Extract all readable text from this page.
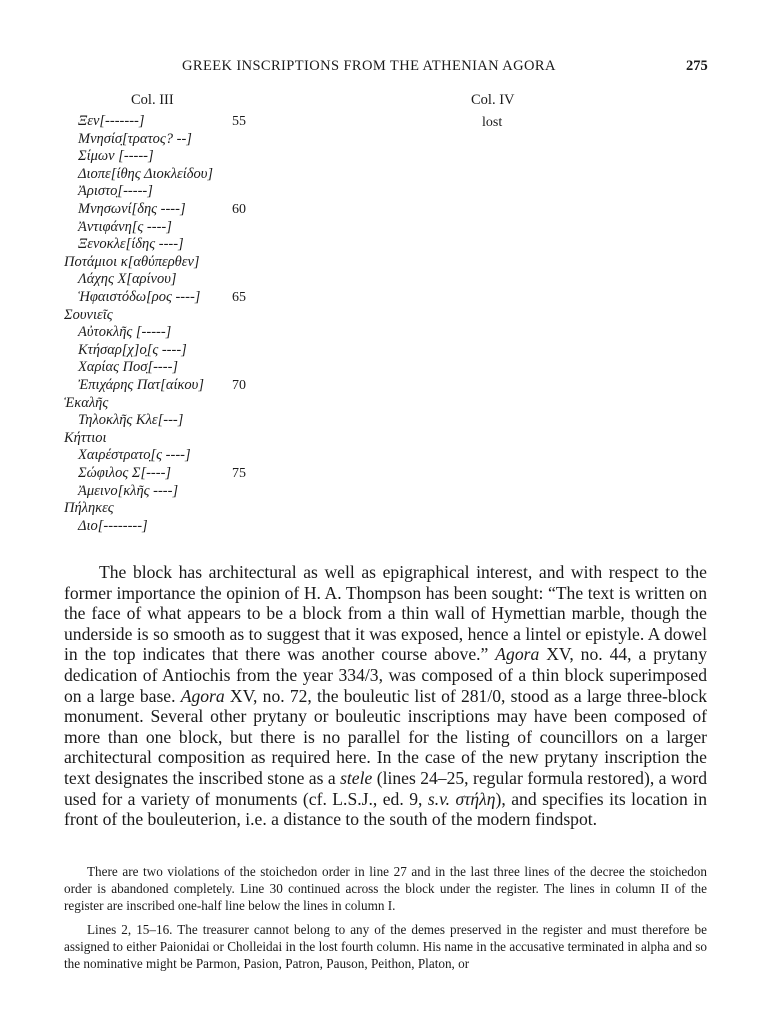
GREEK INSCRIPTIONS FROM THE ATHENIAN AGORA	275
Col. III	Col. IV
lost
Ξεν[-------]	55
Μνησίσ̣[τρατος? --]
Σίμων [-----]
Διοπε[ίθης Διοκλείδου]
Ἀριστο̣[-----]
Μνησωνί[δης ----]	60
Ἀντιφάνη[ς ----]
Ξενοκλε[ίδης ----]
Ποτάμιοι κ[αθύπερθεν]
Λάχης Χ[αρίνου]
Ἡφαιστόδω[ρος ----] 65
Σουνιεῖς
Αὐτοκλῆς [-----]
Κτήσαρ[χ]ο̣[ς ----]
Χαρίας Ποσ̣[----]
Ἐπιχάρης Πατ[αίκου] 70
Ἑκαλῆς
Τηλοκλῆς Κλε[---]
Κήττιοι
Χαιρέστρατο̣[ς ----]
Σώφιλος Σ[----]	75
Ἀμεινο[κλῆς ----]
Πήληκες
Διο[--------]

The block has architectural as well as epigraphical interest, and with respect to the former importance the opinion of H. A. Thompson has been sought: “The text is written on the face of what appears to be a block from a thin wall of Hymettian marble, though the underside is so smooth as to suggest that it was exposed, hence a lintel or epistyle. A dowel in the top indicates that there was another course above.” Agora XV, no. 44, a prytany dedication of Antiochis from the year 334/3, was composed of a thin block superimposed on a large base. Agora XV, no. 72, the bouleutic list of 281/0, stood as a large three-block monument. Several other prytany or bouleutic inscriptions may have been composed of more than one block, but there is no parallel for the listing of councillors on a larger architectural composition as required here. In the case of the new prytany inscription the text designates the inscribed stone as a stele (lines 24–25, regular formula restored), a word used for a variety of monuments (cf. L.S.J., ed. 9, s.v. στήλη), and specifies its location in front of the bouleuterion, i.e. a distance to the south of the modern findspot.

There are two violations of the stoichedon order in line 27 and in the last three lines of the decree the stoichedon order is abandoned completely. Line 30 continued across the block under the register. The lines in column II of the register are inscribed one-half line below the lines in column I.

Lines 2, 15–16. The treasurer cannot belong to any of the demes preserved in the register and must therefore be assigned to either Paionidai or Cholleidai in the lost fourth column. His name in the accusative terminated in alpha and so the nominative might be Parmon, Pasion, Patron, Pauson, Peithon, Platon, or
